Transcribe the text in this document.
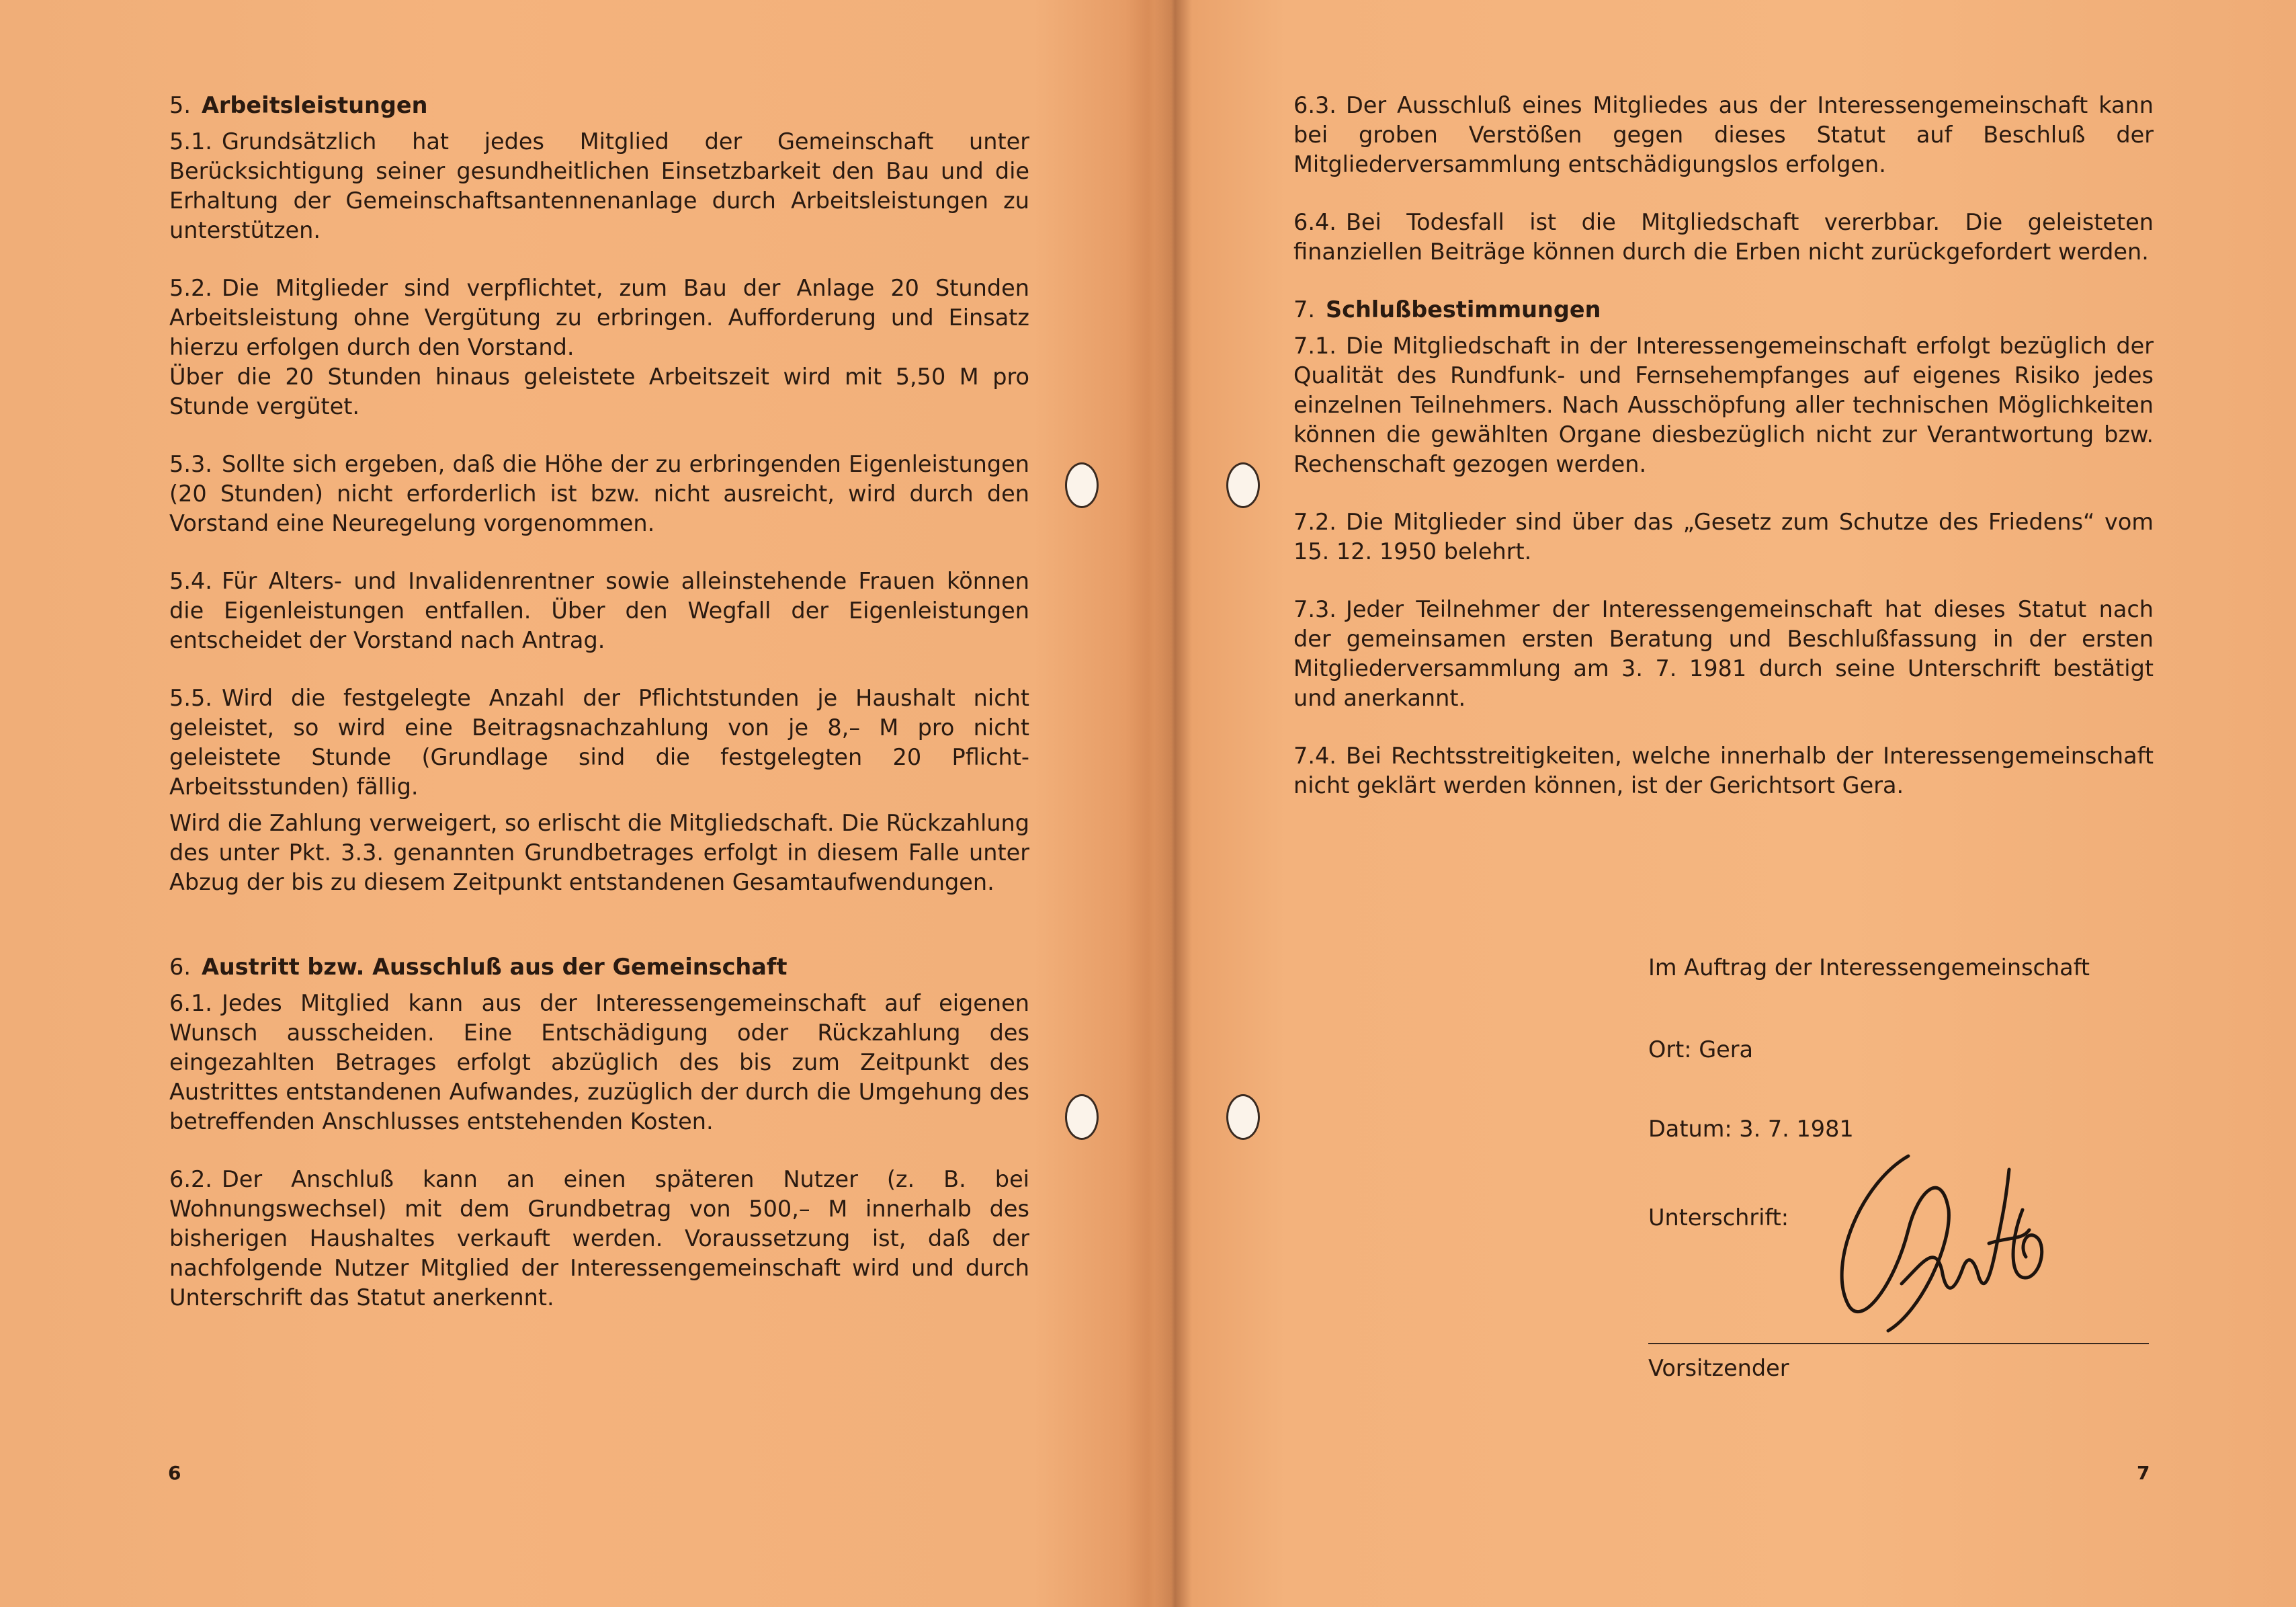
5. Arbeitsleistungen

5.1. Grundsätzlich hat jedes Mitglied der Gemeinschaft unter Berücksichtigung seiner gesundheitlichen Einsetzbarkeit den Bau und die Erhaltung der Gemeinschaftsantennenanlage durch Arbeitsleistungen zu unterstützen.

5.2. Die Mitglieder sind verpflichtet, zum Bau der Anlage 20 Stunden Arbeitsleistung ohne Vergütung zu erbringen. Aufforderung und Einsatz hierzu erfolgen durch den Vorstand.
Über die 20 Stunden hinaus geleistete Arbeitszeit wird mit 5,50 M pro Stunde vergütet.

5.3. Sollte sich ergeben, daß die Höhe der zu erbringenden Eigenleistungen (20 Stunden) nicht erforderlich ist bzw. nicht ausreicht, wird durch den Vorstand eine Neuregelung vorgenommen.

5.4. Für Alters- und Invalidenrentner sowie alleinstehende Frauen können die Eigenleistungen entfallen. Über den Wegfall der Eigenleistungen entscheidet der Vorstand nach Antrag.

5.5. Wird die festgelegte Anzahl der Pflichtstunden je Haushalt nicht geleistet, so wird eine Beitragsnachzahlung von je 8,– M pro nicht geleistete Stunde (Grundlage sind die festgelegten 20 Pflicht-Arbeitsstunden) fällig.

Wird die Zahlung verweigert, so erlischt die Mitgliedschaft. Die Rückzahlung des unter Pkt. 3.3. genannten Grundbetrages erfolgt in diesem Falle unter Abzug der bis zu diesem Zeitpunkt entstandenen Gesamtaufwendungen.

6. Austritt bzw. Ausschluß aus der Gemeinschaft

6.1. Jedes Mitglied kann aus der Interessengemeinschaft auf eigenen Wunsch ausscheiden. Eine Entschädigung oder Rückzahlung des eingezahlten Betrages erfolgt abzüglich des bis zum Zeitpunkt des Austrittes entstandenen Aufwandes, zuzüglich der durch die Umgehung des betreffenden Anschlusses entstehenden Kosten.

6.2. Der Anschluß kann an einen späteren Nutzer (z. B. bei Wohnungswechsel) mit dem Grundbetrag von 500,– M innerhalb des bisherigen Haushaltes verkauft werden. Voraussetzung ist, daß der nachfolgende Nutzer Mitglied der Interessengemeinschaft wird und durch Unterschrift das Statut anerkennt.

6

6.3. Der Ausschluß eines Mitgliedes aus der Interessengemeinschaft kann bei groben Verstößen gegen dieses Statut auf Beschluß der Mitgliederversammlung entschädigungslos erfolgen.

6.4. Bei Todesfall ist die Mitgliedschaft vererbbar. Die geleisteten finanziellen Beiträge können durch die Erben nicht zurückgefordert werden.

7. Schlußbestimmungen

7.1. Die Mitgliedschaft in der Interessengemeinschaft erfolgt bezüglich der Qualität des Rundfunk- und Fernsehempfanges auf eigenes Risiko jedes einzelnen Teilnehmers. Nach Ausschöpfung aller technischen Möglichkeiten können die gewählten Organe diesbezüglich nicht zur Verantwortung bzw. Rechenschaft gezogen werden.

7.2. Die Mitglieder sind über das „Gesetz zum Schutze des Friedens“ vom 15. 12. 1950 belehrt.

7.3. Jeder Teilnehmer der Interessengemeinschaft hat dieses Statut nach der gemeinsamen ersten Beratung und Beschlußfassung in der ersten Mitgliederversammlung am 3. 7. 1981 durch seine Unterschrift bestätigt und anerkannt.

7.4. Bei Rechtsstreitigkeiten, welche innerhalb der Interessengemeinschaft nicht geklärt werden können, ist der Gerichtsort Gera.

Im Auftrag der Interessengemeinschaft
Ort: Gera
Datum: 3. 7. 1981
Unterschrift:
Vorsitzender
7
